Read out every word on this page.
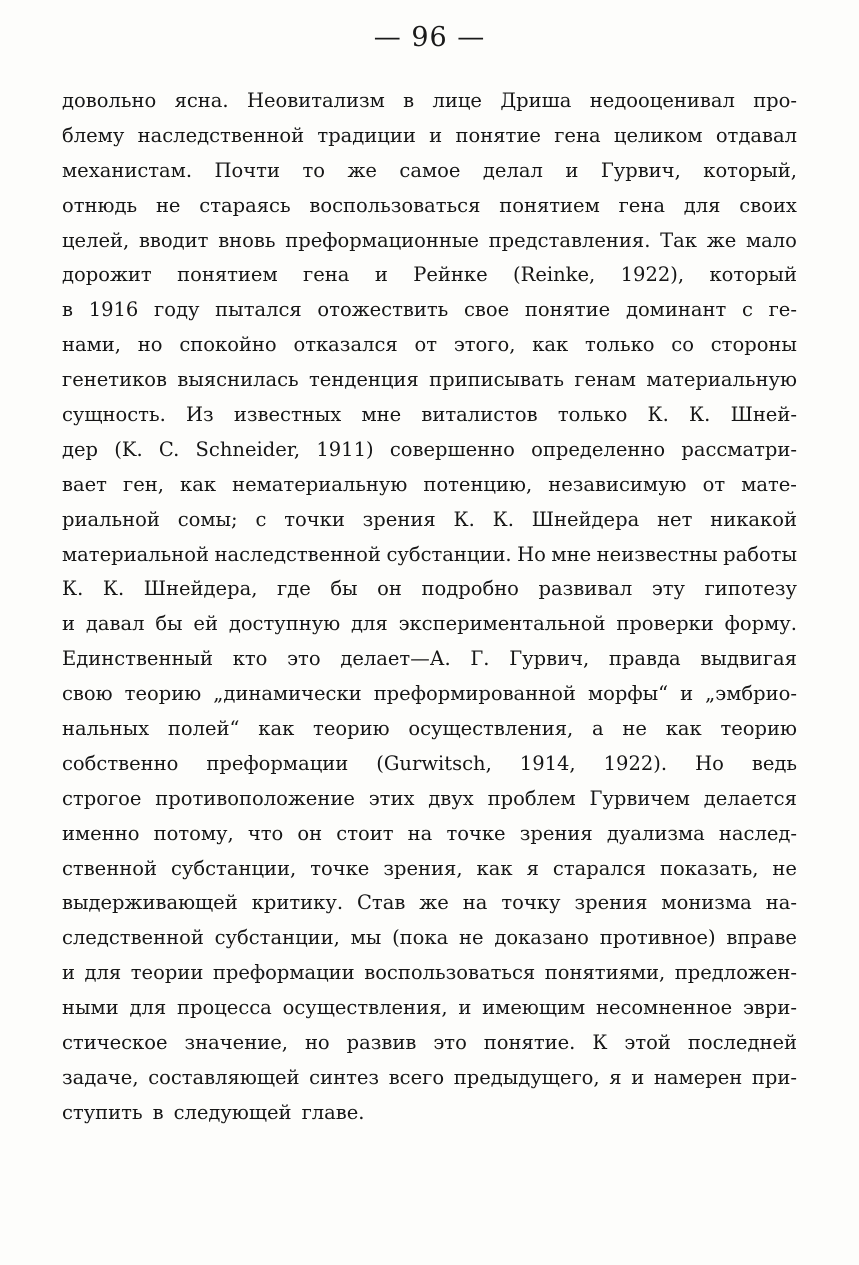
— 96 —
довольно ясна. Неовитализм в лице Дриша недооценивал про-
блему наследственной традиции и понятие гена целиком отдавал
механистам. Почти то же самое делал и Гурвич, который,
отнюдь не стараясь воспользоваться понятием гена для своих
целей, вводит вновь преформационные представления. Так же мало
дорожит понятием гена и Рейнке (Reinke, 1922), который
в 1916 году пытался отожествить свое понятие доминант с ге-
нами, но спокойно отказался от этого, как только со стороны
генетиков выяснилась тенденция приписывать генам материальную
сущность. Из известных мне виталистов только К. К. Шней-
дер (K. C. Schneider, 1911) совершенно определенно рассматри-
вает ген, как нематериальную потенцию, независимую от мате-
риальной сомы; с точки зрения К. К. Шнейдера нет никакой
материальной наследственной субстанции. Но мне неизвестны работы
К. К. Шнейдера, где бы он подробно развивал эту гипотезу
и давал бы ей доступную для экспериментальной проверки форму.
Единственный кто это делает—А. Г. Гурвич, правда выдвигая
свою теорию „динамически преформированной морфы“ и „эмбрио-
нальных полей“ как теорию осуществления, а не как теорию
собственно преформации (Gurwitsch, 1914, 1922). Но ведь
строгое противоположение этих двух проблем Гурвичем делается
именно потому, что он стоит на точке зрения дуализма наслед-
ственной субстанции, точке зрения, как я старался показать, не
выдерживающей критику. Став же на точку зрения монизма на-
следственной субстанции, мы (пока не доказано противное) вправе
и для теории преформации воспользоваться понятиями, предложен-
ными для процесса осуществления, и имеющим несомненное эври-
стическое значение, но развив это понятие. К этой последней
задаче, составляющей синтез всего предыдущего, я и намерен при-
ступить в следующей главе.
